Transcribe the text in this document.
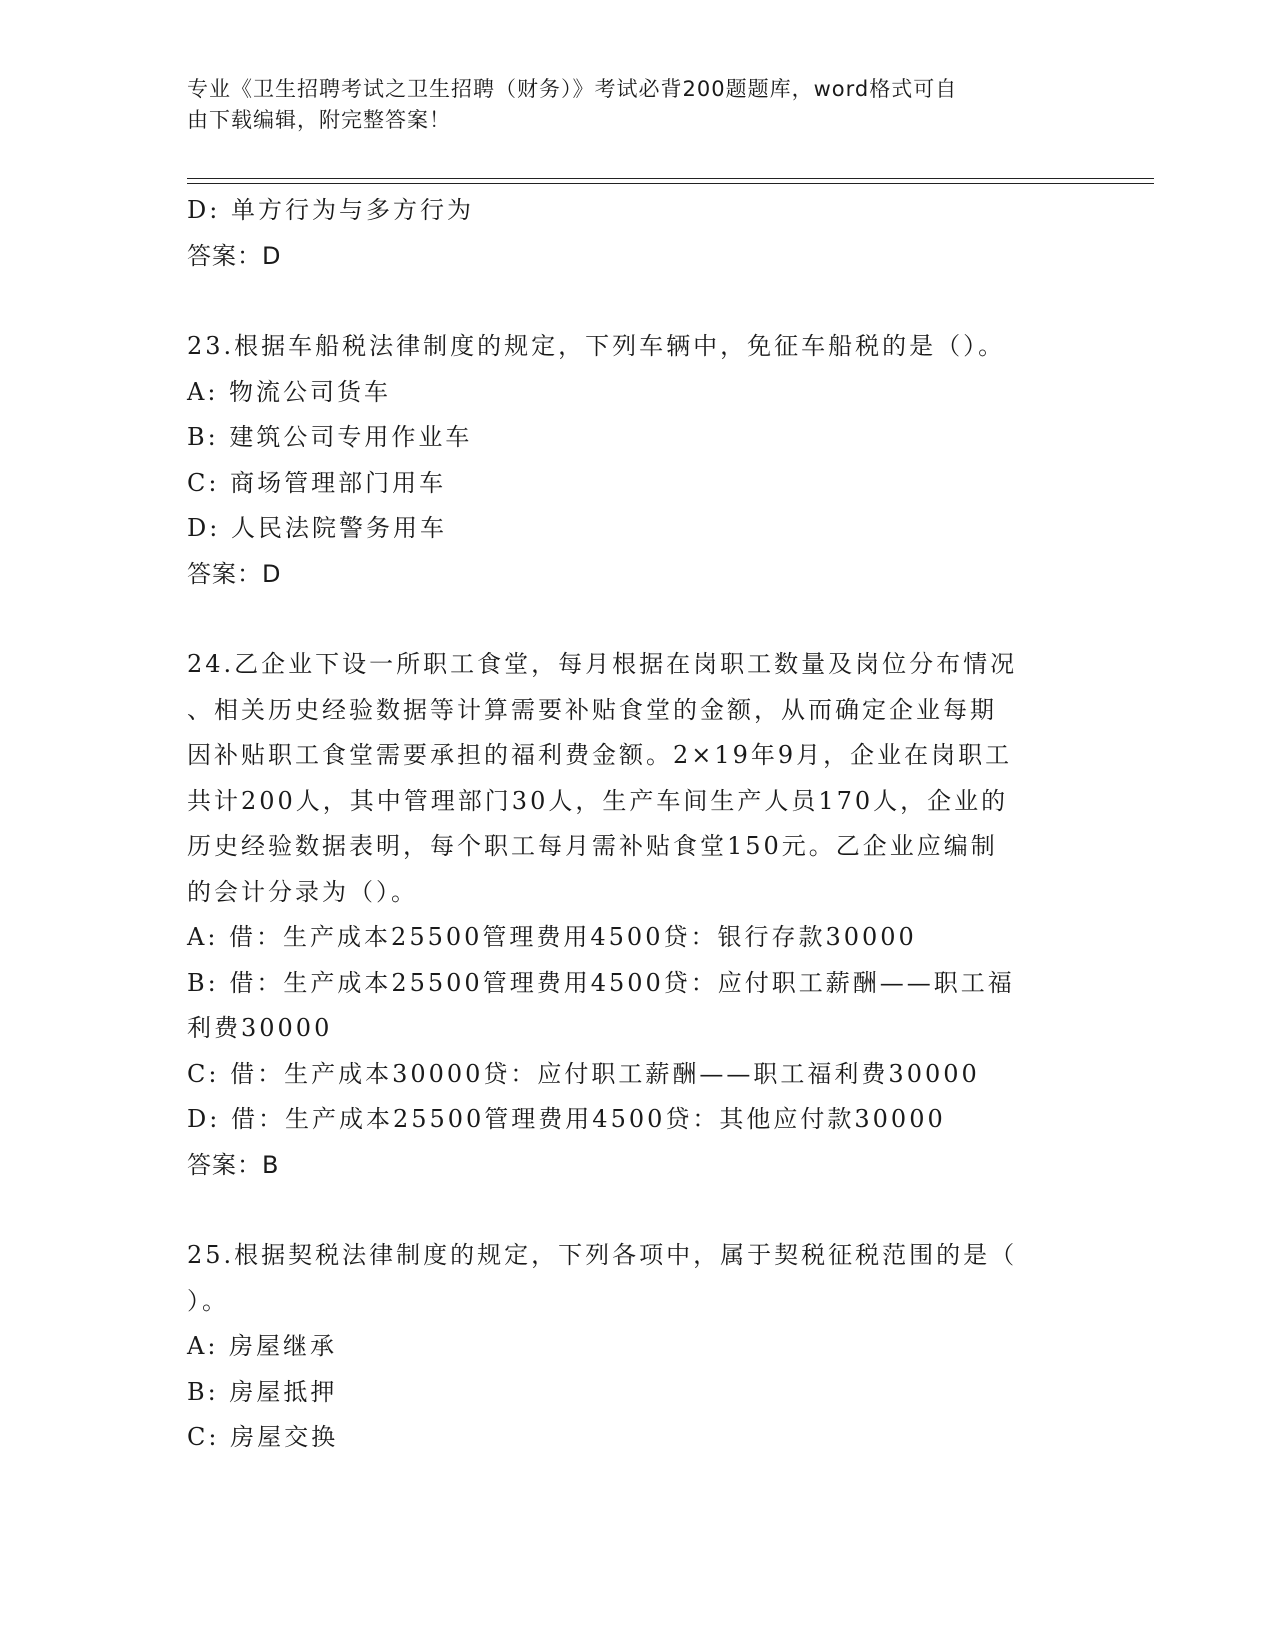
专业《卫生招聘考试之卫生招聘（财务）》考试必背200题题库，word格式可自
由下载编辑，附完整答案！
D: 单方行为与多方行为
答案：D
23.根据车船税法律制度的规定，下列车辆中，免征车船税的是（）。
A: 物流公司货车
B: 建筑公司专用作业车
C: 商场管理部门用车
D: 人民法院警务用车
答案：D
24.乙企业下设一所职工食堂，每月根据在岗职工数量及岗位分布情况
、相关历史经验数据等计算需要补贴食堂的金额，从而确定企业每期
因补贴职工食堂需要承担的福利费金额。2×19年9月，企业在岗职工
共计200人，其中管理部门30人，生产车间生产人员170人，企业的
历史经验数据表明，每个职工每月需补贴食堂150元。乙企业应编制
的会计分录为（）。
A: 借：生产成本25500管理费用4500贷：银行存款30000
B: 借：生产成本25500管理费用4500贷：应付职工薪酬——职工福
利费30000
C: 借：生产成本30000贷：应付职工薪酬——职工福利费30000
D: 借：生产成本25500管理费用4500贷：其他应付款30000
答案：B
25.根据契税法律制度的规定，下列各项中，属于契税征税范围的是（
）。
A: 房屋继承
B: 房屋抵押
C: 房屋交换
